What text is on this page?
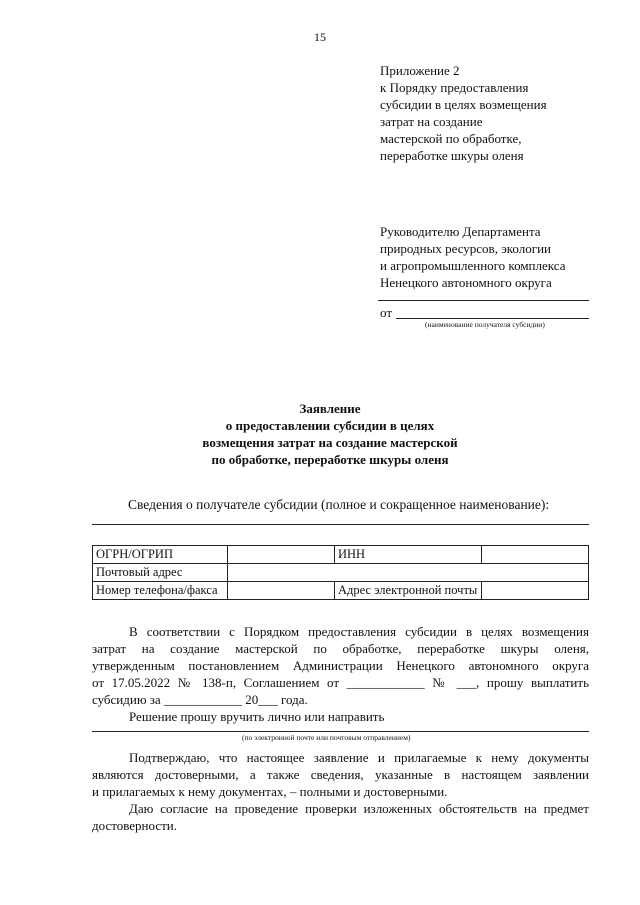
15
Приложение 2
к Порядку предоставления
субсидии в целях возмещения
затрат на создание
мастерской по обработке,
переработке шкуры оленя
Руководителю Департамента
природных ресурсов, экологии
и агропромышленного комплекса
Ненецкого автономного округа
от
(наименование получателя субсидии)
Заявление
о предоставлении субсидии в целях
возмещения затрат на создание мастерской
по обработке, переработке шкуры оленя
Сведения о получателе субсидии (полное и сокращенное наименование):
ОГРН/ОГРИП		ИНН	
Почтовый адрес			
Номер телефона/факса		Адрес электронной почты	
В соответствии с Порядком предоставления субсидии в целях возмещения
затрат на создание мастерской по обработке, переработке шкуры оленя,
утвержденным постановлением Администрации Ненецкого автономного округа
от 17.05.2022 № 138-п, Соглашением от ____________ № ___, прошу выплатить
субсидию за ____________ 20___ года.
Решение прошу вручить лично или направить
(по электронной почте или почтовым отправлением)
Подтверждаю, что настоящее заявление и прилагаемые к нему документы
являются достоверными, а также сведения, указанные в настоящем заявлении
и прилагаемых к нему документах, – полными и достоверными.
Даю согласие на проведение проверки изложенных обстоятельств на предмет
достоверности.
